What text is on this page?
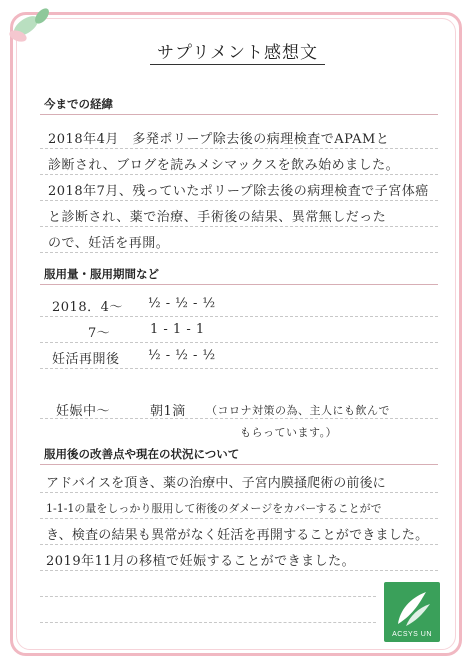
サプリメント感想文
今までの経緯
2018年4月　多発ポリープ除去後の病理検査でAPAMと
診断され、ブログを読みメシマックスを飲み始めました。
2018年7月、残っていたポリープ除去後の病理検査で子宮体癌
と診断され、薬で治療、手術後の結果、異常無しだった
ので、妊活を再開。
服用量・服用期間など
2018．4～ ½ - ½ - ½
7～	1 - 1 - 1
妊活再開後 ½ - ½ - ½
妊娠中～	朝1滴 （コロナ対策の為、主人にも飲んで
もらっています。）
服用後の改善点や現在の状況について
アドバイスを頂き、薬の治療中、子宮内膜掻爬術の前後に
1-1-1の量をしっかり服用して術後のダメージをカバーすることがで
き、検査の結果も異常がなく妊活を再開することができました。
2019年11月の移植で妊娠することができました。
ACSYS UN
